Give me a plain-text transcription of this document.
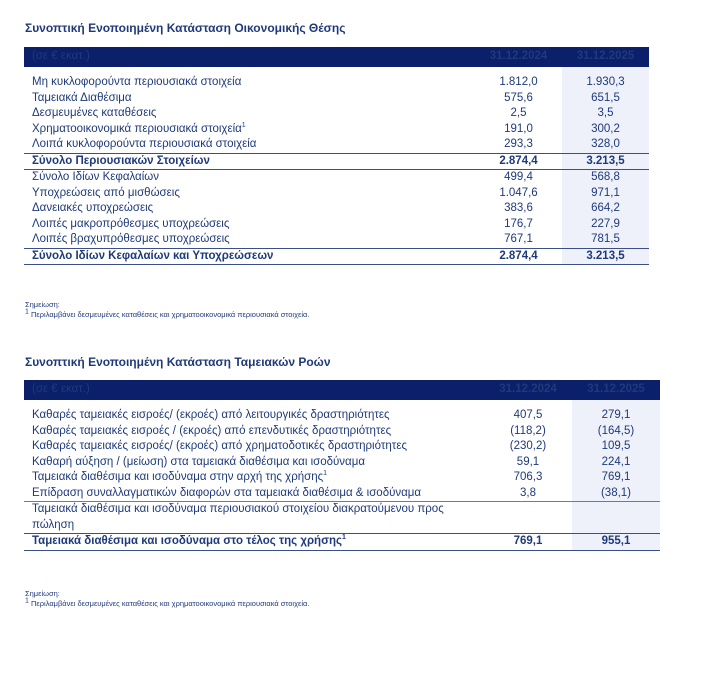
Συνοπτική Ενοποιημένη Κατάσταση Οικονομικής Θέσης
(σε € εκατ.)	31.12.2024	31.12.2025

Μη κυκλοφορούντα περιουσιακά στοιχεία	1.812,0	1.930,3
Ταμειακά Διαθέσιμα	575,6	651,5
Δεσμευμένες καταθέσεις	2,5	3,5
Χρηματοοικονομικά περιουσιακά στοιχεία$^1$	191,0	300,2
Λοιπά κυκλοφορούντα περιουσιακά στοιχεία	293,3	328,0
Σύνολο Περιουσιακών Στοιχείων	2.874,4	3.213,5
Σύνολο Ιδίων Κεφαλαίων	499,4	568,8
Υποχρεώσεις από μισθώσεις	1.047,6	971,1
Δανειακές υποχρεώσεις	383,6	664,2
Λοιπές μακροπρόθεσμες υποχρεώσεις	176,7	227,9
Λοιπές βραχυπρόθεσμες υποχρεώσεις	767,1	781,5
Σύνολο Ιδίων Κεφαλαίων και Υποχρεώσεων	2.874,4	3.213,5
Σημείωση:
$^1$ Περιλαμβάνει δεσμευμένες καταθέσεις και χρηματοοικονομικά περιουσιακά στοιχεία.
Συνοπτική Ενοποιημένη Κατάσταση Ταμειακών Ροών
(σε € εκατ.)	31.12.2024	31.12.2025

Καθαρές ταμειακές εισροές/ (εκροές) από λειτουργικές δραστηριότητες	407,5	279,1
Καθαρές ταμειακές εισροές / (εκροές) από επενδυτικές δραστηριότητες	(118,2)	(164,5)
Καθαρές ταμειακές εισροές/ (εκροές) από χρηματοδοτικές δραστηριότητες	(230,2)	109,5
Καθαρή αύξηση / (μείωση) στα ταμειακά διαθέσιμα και ισοδύναμα	59,1	224,1
Ταμειακά διαθέσιμα και ισοδύναμα στην αρχή της χρήσης$^1$	706,3	769,1
Επίδραση συναλλαγματικών διαφορών στα ταμειακά διαθέσιμα & ισοδύναμα	3,8	(38,1)
Ταμειακά διαθέσιμα και ισοδύναμα περιουσιακού στοιχείου διακρατούμενου προς πώληση		
Ταμειακά διαθέσιμα και ισοδύναμα στο τέλος της χρήσης$^1$	769,1	955,1
Σημείωση:
$^1$ Περιλαμβάνει δεσμευμένες καταθέσεις και χρηματοοικονομικά περιουσιακά στοιχεία.
